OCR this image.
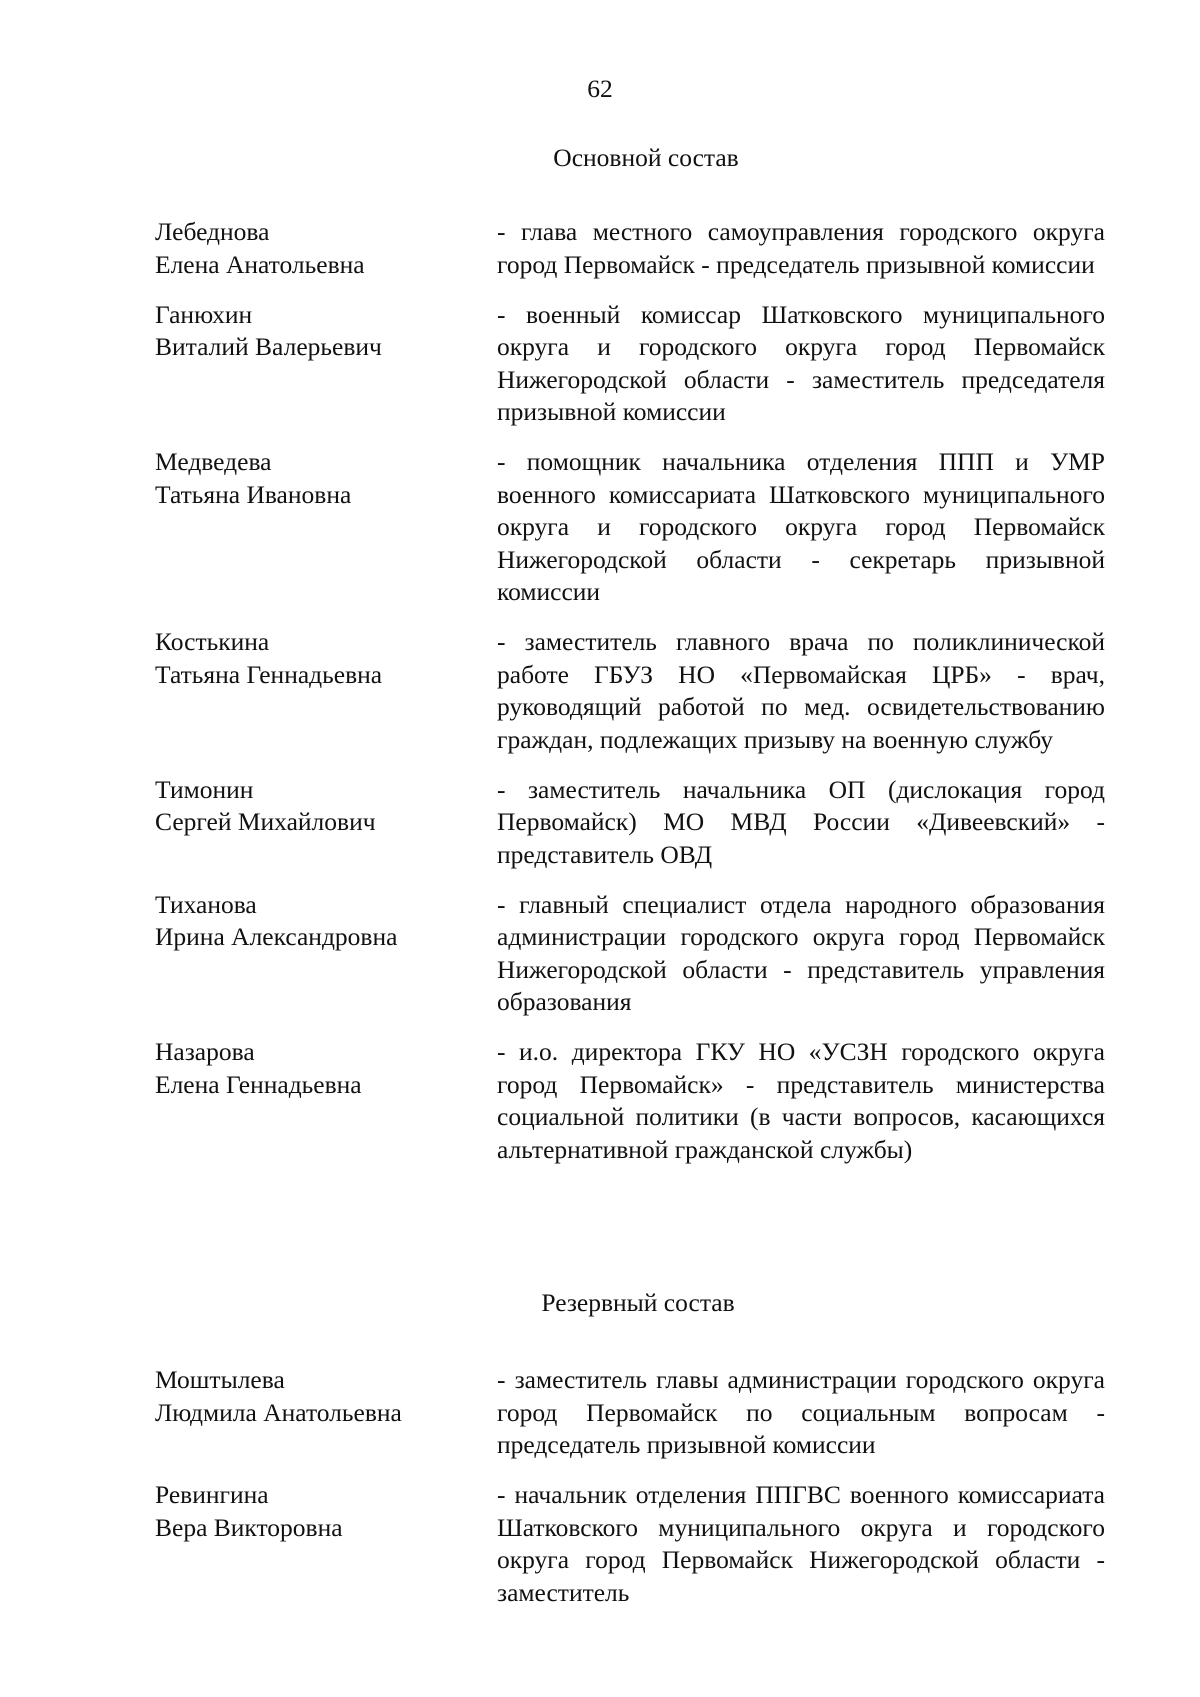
62
Основной состав
Лебеднова
Елена Анатольевна
- глава местного самоуправления городского округа город Первомайск - председатель призывной комиссии
Ганюхин
Виталий Валерьевич
- военный комиссар Шатковского муниципального округа и городского округа город Первомайск Нижегородской области - заместитель председателя призывной комиссии
Медведева
Татьяна Ивановна
- помощник начальника отделения ППП и УМР военного комиссариата Шатковского муниципального округа и городского округа город Первомайск Нижегородской области - секретарь призывной комиссии
Костькина
Татьяна Геннадьевна
- заместитель главного врача по поликлинической работе ГБУЗ НО «Первомайская ЦРБ» - врач, руководящий работой по мед. освидетельствованию граждан, подлежащих призыву на военную службу
Тимонин
Сергей Михайлович
- заместитель начальника ОП (дислокация город Первомайск) МО МВД России «Дивеевский» - представитель ОВД
Тиханова
Ирина Александровна
- главный специалист отдела народного образования администрации городского округа город Первомайск Нижегородской области - представитель управления образования
Назарова
Елена Геннадьевна
- и.о. директора ГКУ НО «УСЗН городского округа город Первомайск» - представитель министерства социальной политики (в части вопросов, касающихся альтернативной гражданской службы)
Резервный состав
Моштылева
Людмила Анатольевна
- заместитель главы администрации городского округа город Первомайск по социальным вопросам - председатель призывной комиссии
Ревингина
Вера Викторовна
- начальник отделения ППГВС военного комиссариата Шатковского муниципального округа и городского округа город Первомайск Нижегородской области - заместитель
